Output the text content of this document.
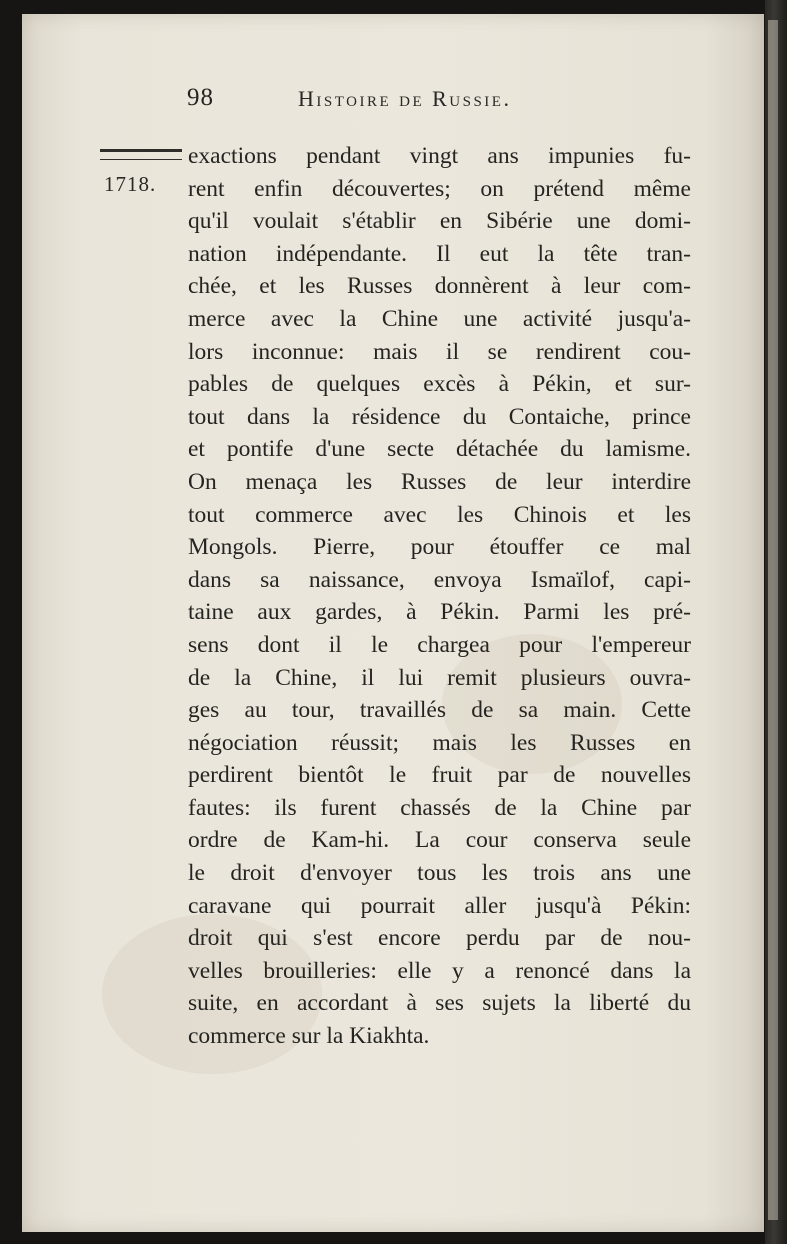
98	Histoire de Russie.
1718.
exactions pendant vingt ans impunies fu-
rent enfin découvertes; on prétend même
qu'il voulait s'établir en Sibérie une domi-
nation indépendante. Il eut la tête tran-
chée, et les Russes donnèrent à leur com-
merce avec la Chine une activité jusqu'a-
lors inconnue: mais il se rendirent cou-
pables de quelques excès à Pékin, et sur-
tout dans la résidence du Contaiche, prince
et pontife d'une secte détachée du lamisme.
On menaça les Russes de leur interdire
tout commerce avec les Chinois et les
Mongols. Pierre, pour étouffer ce mal
dans sa naissance, envoya Ismaïlof, capi-
taine aux gardes, à Pékin. Parmi les pré-
sens dont il le chargea pour l'empereur
de la Chine, il lui remit plusieurs ouvra-
ges au tour, travaillés de sa main. Cette
négociation réussit; mais les Russes en
perdirent bientôt le fruit par de nouvelles
fautes: ils furent chassés de la Chine par
ordre de Kam-hi. La cour conserva seule
le droit d'envoyer tous les trois ans une
caravane qui pourrait aller jusqu'à Pékin:
droit qui s'est encore perdu par de nou-
velles brouilleries: elle y a renoncé dans la
suite, en accordant à ses sujets la liberté du
commerce sur la Kiakhta.
